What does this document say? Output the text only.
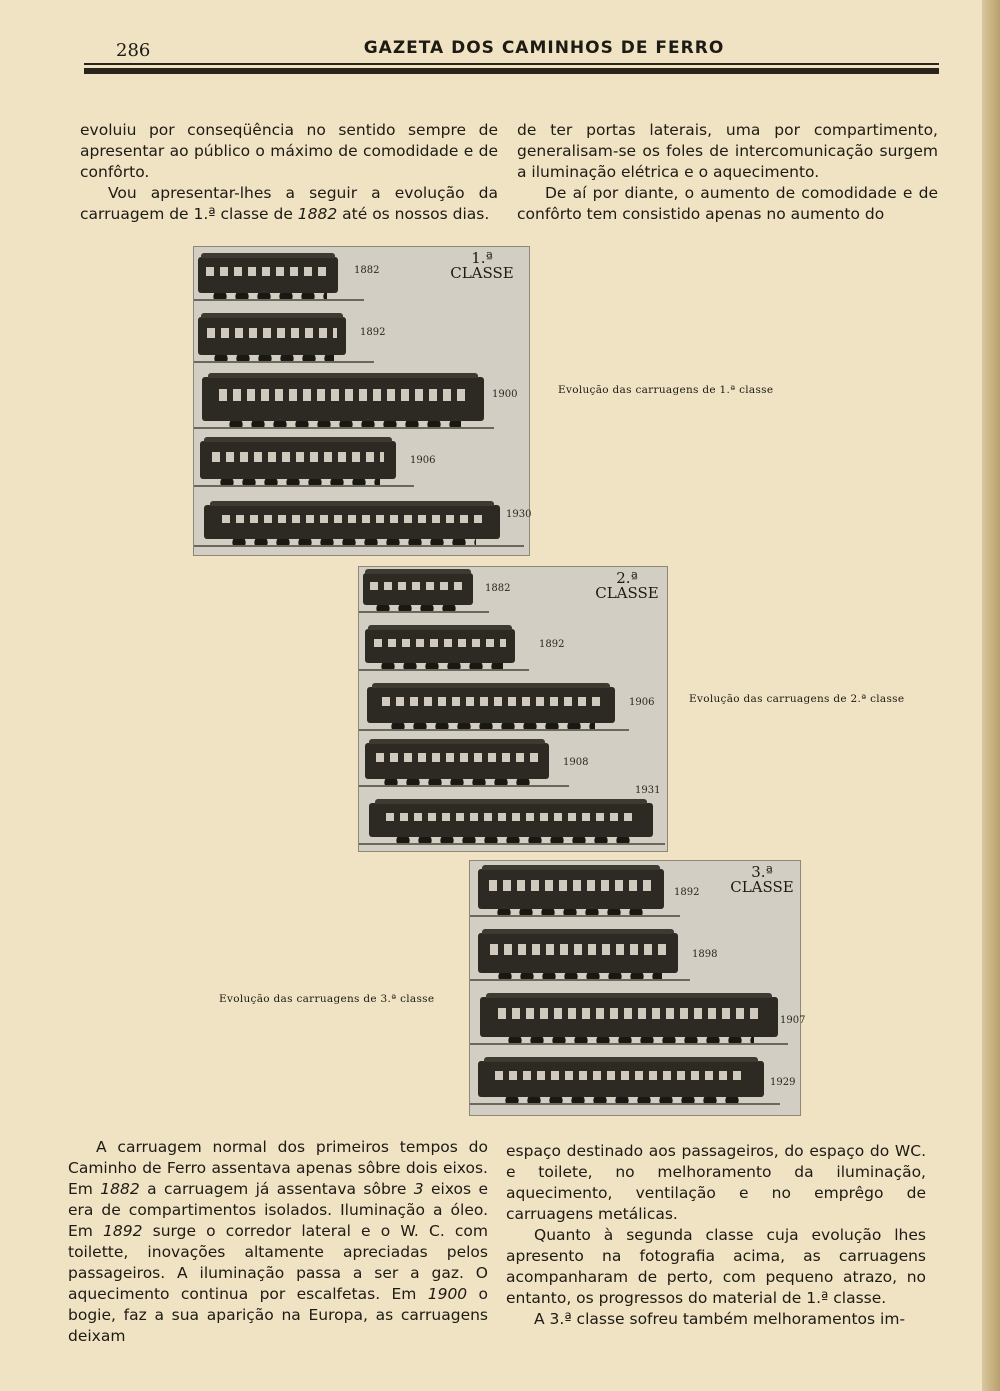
286	GAZETA DOS CAMINHOS DE FERRO

evoluiu por conseqüência no sentido sempre de apresentar ao público o máximo de comodidade e de confôrto.

Vou apresentar-lhes a seguir a evolução da carruagem de 1.ª classe de 1882 até os nossos dias.

de ter portas laterais, uma por compartimento, generalisam-se os foles de intercomunicação surgem a iluminação elétrica e o aquecimento.

De aí por diante, o aumento de comodidade e de confôrto tem consistido apenas no aumento do

1.ª
CLASSE
1882
1892
1900
1906
1930
Evolução das carruagens de 1.ª classe
2.ª
CLASSE
1882
1892
1906
1908
1931
Evolução das carruagens de 2.ª classe
3.ª
CLASSE
1892
1898
1907
1929
Evolução das carruagens de 3.ª classe

A carruagem normal dos primeiros tempos do Caminho de Ferro assentava apenas sôbre dois eixos. Em 1882 a carruagem já assentava sôbre 3 eixos e era de compartimentos isolados. Iluminação a óleo. Em 1892 surge o corredor lateral e o W. C. com toilette, inovações altamente apreciadas pelos passageiros. A iluminação passa a ser a gaz. O aquecimento continua por escalfetas. Em 1900 o bogie, faz a sua aparição na Europa, as carruagens deixam

espaço destinado aos passageiros, do espaço do WC. e toilete, no melhoramento da iluminação, aquecimento, ventilação e no emprêgo de carruagens metálicas.

Quanto à segunda classe cuja evolução lhes apresento na fotografia acima, as carruagens acompanharam de perto, com pequeno atrazo, no entanto, os progressos do material de 1.ª classe.

A 3.ª classe sofreu também melhoramentos im-
